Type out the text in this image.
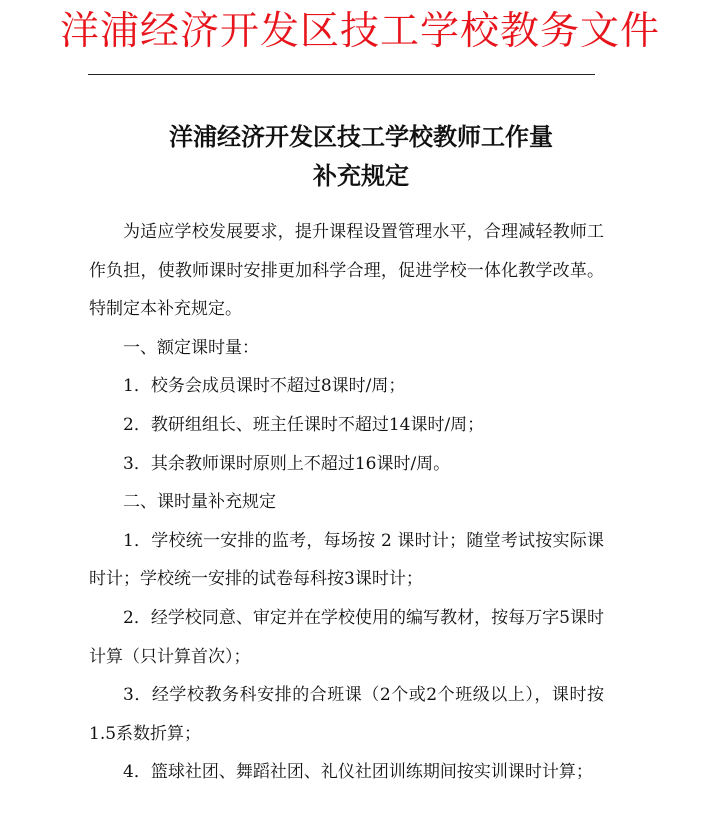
洋浦经济开发区技工学校教务文件
洋浦经济开发区技工学校教师工作量
补充规定

为适应学校发展要求，提升课程设置管理水平，合理减轻教师工作负担，使教师课时安排更加科学合理，促进学校一体化教学改革。特制定本补充规定。

一、额定课时量：

1．校务会成员课时不超过8课时/周；

2．教研组组长、班主任课时不超过14课时/周；

3．其余教师课时原则上不超过16课时/周。

二、课时量补充规定

1．学校统一安排的监考，每场按 2 课时计；随堂考试按实际课时计；学校统一安排的试卷每科按3课时计；

2．经学校同意、审定并在学校使用的编写教材，按每万字5课时计算（只计算首次）；

3．经学校教务科安排的合班课（2个或2个班级以上），课时按1.5系数折算；

4．篮球社团、舞蹈社团、礼仪社团训练期间按实训课时计算；
